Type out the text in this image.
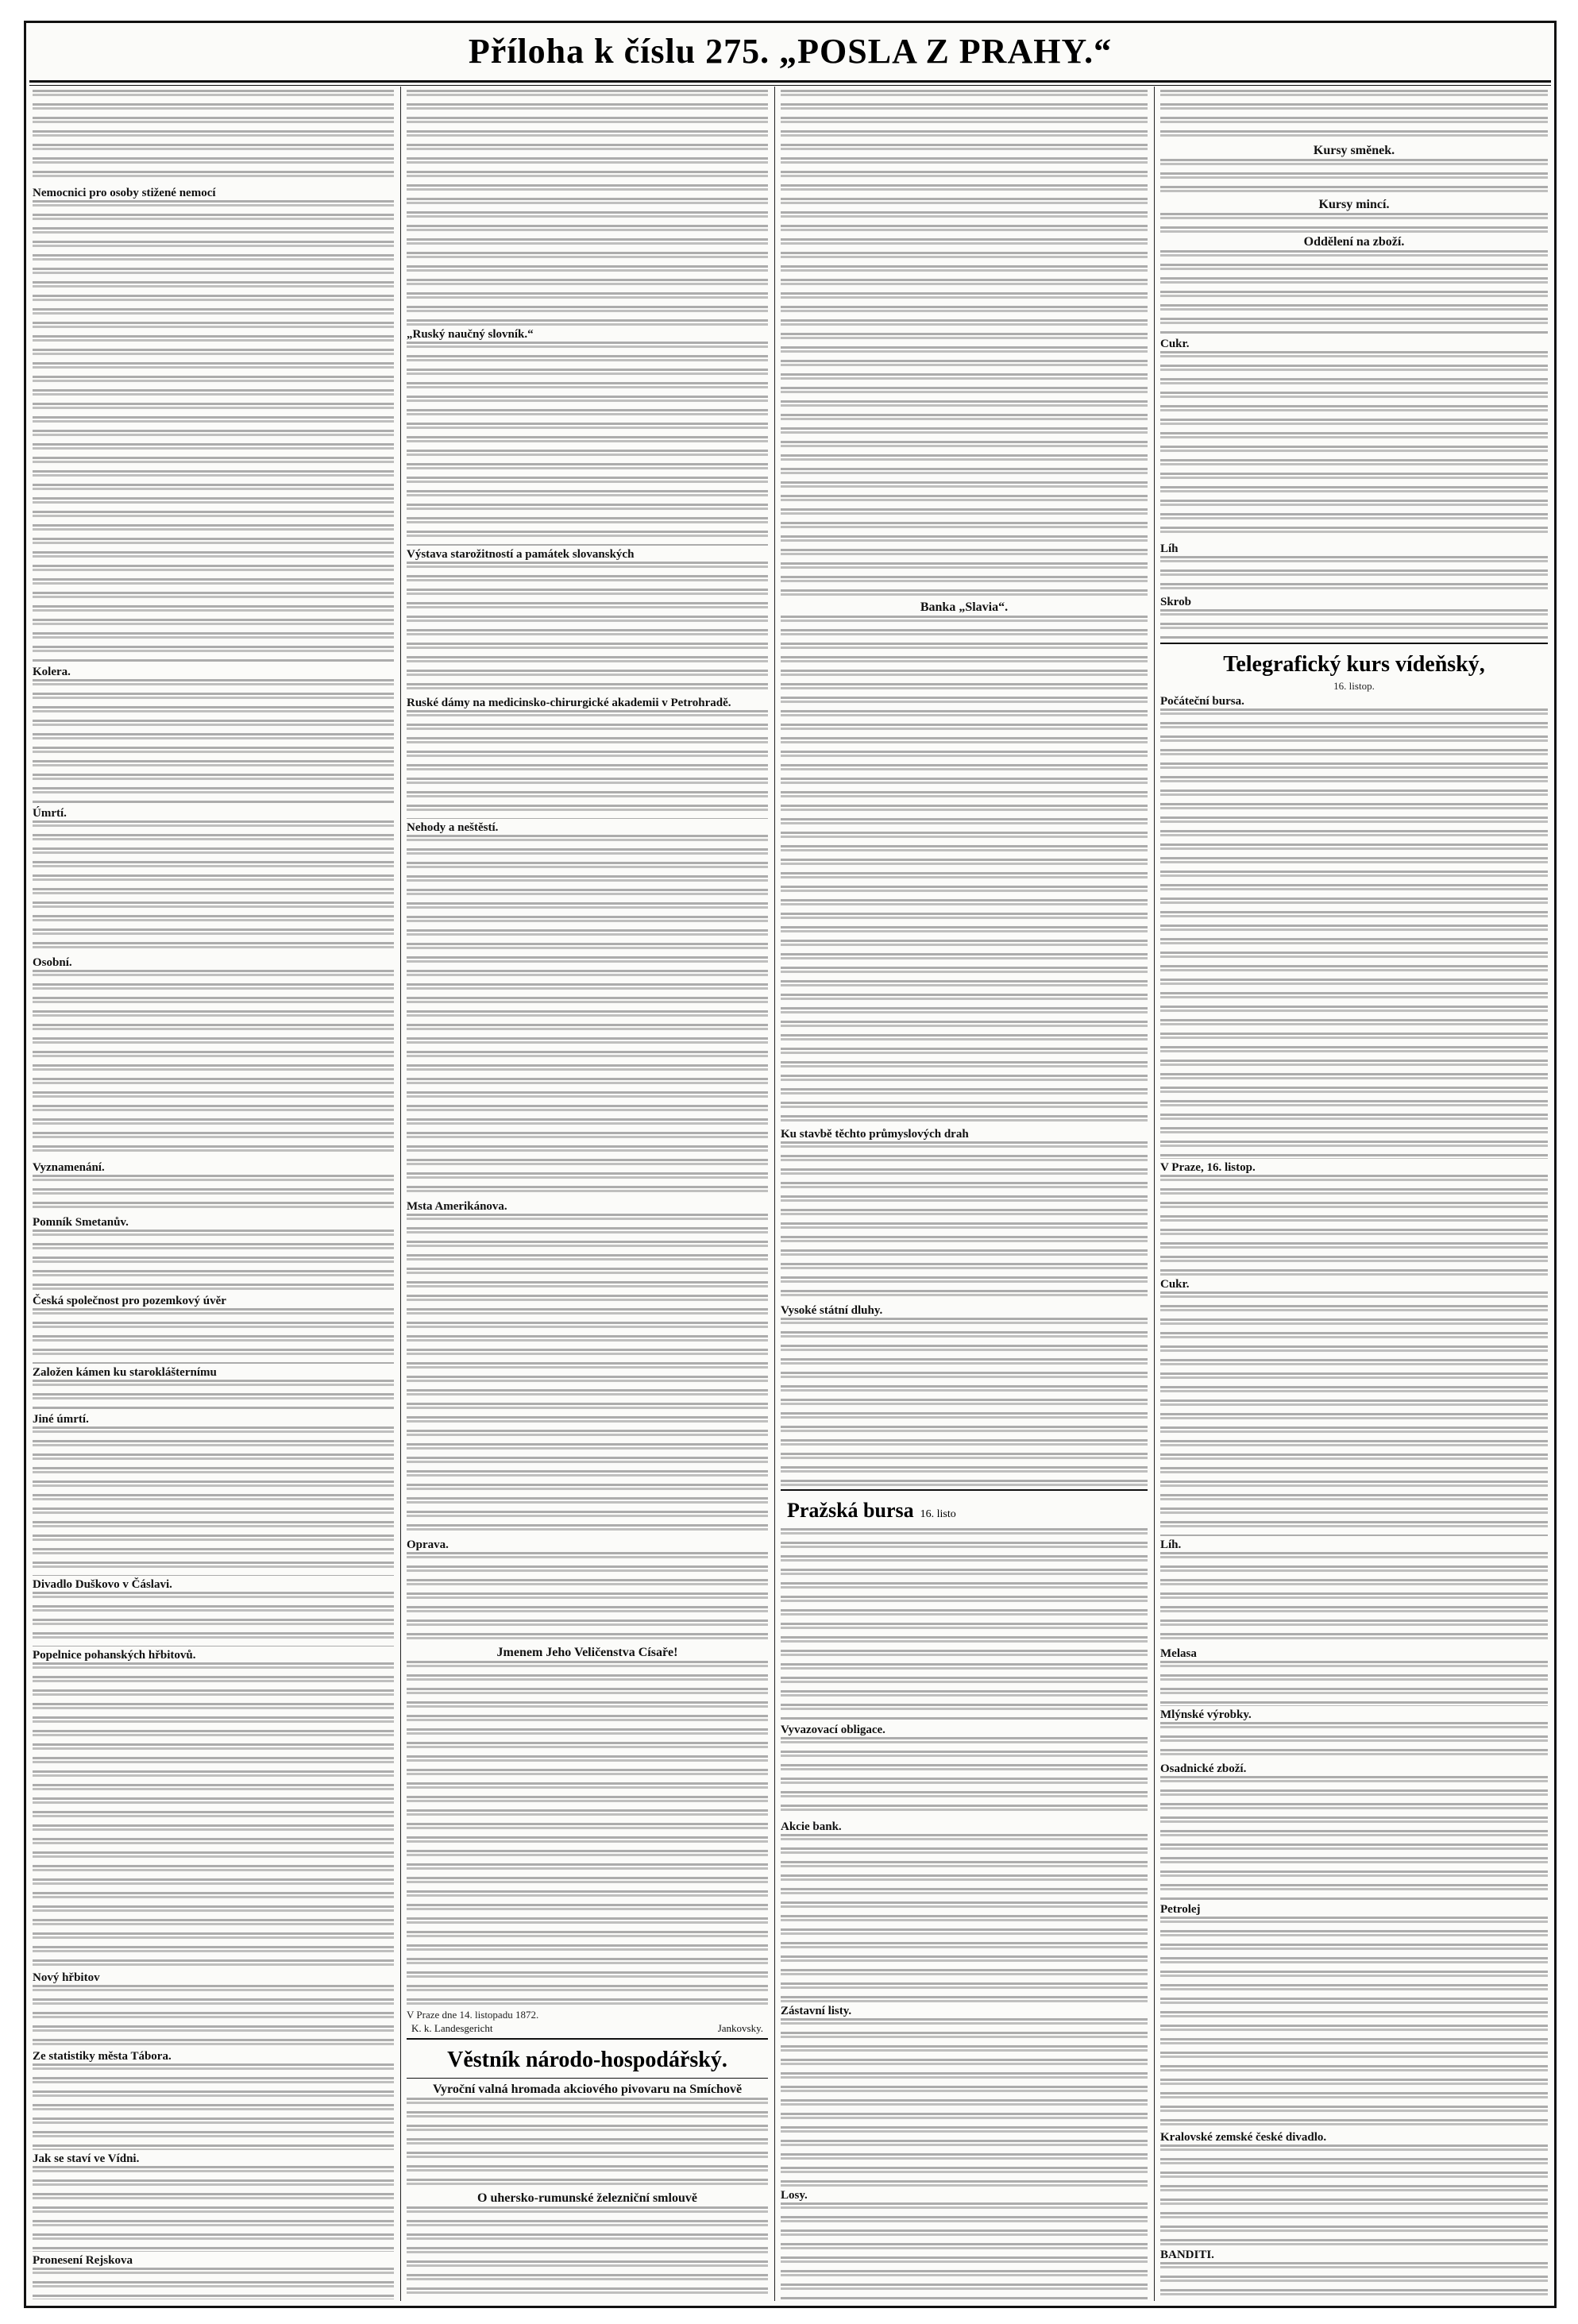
Příloha k číslu 275. „POSLA Z PRAHY.“
Nemocnici pro osoby stižené nemocí
Kolera.
Úmrtí.
Osobní.
Vyznamenání.
Pomník Smetanův.
Česká společnost pro pozemkový úvěr
Založen kámen ku staroklášternímu
Jiné úmrtí.
Divadlo Duškovo v Čáslavi.
Popelnice pohanských hřbitovů.
Nový hřbitov
Ze statistiky města Tábora.
Jak se staví ve Vídni.
Pronesení Rejskova
„Ruský naučný slovník.“
Výstava starožitností a památek slovanských
Ruské dámy na medicinsko-chirurgické akademii v Petrohradě.
Nehody a neštěstí.
Msta Amerikánova.
Oprava.
Jmenem Jeho Veličenstva Císaře!
V Praze dne 14. listopadu 1872.
K. k. Landesgericht	Jankovsky.
Věstník národo-hospodářský.
Vyroční valná hromada akciového pivovaru na Smíchově
O uhersko-rumunské železniční smlouvě
Banka „Slavia“.
Ku stavbě těchto průmyslových drah
Vysoké státní dluhy.
Pražská bursa 16. listo
Vyvazovací obligace.
Akcie bank.
Zástavní listy.
Losy.
Kursy směnek.
Kursy mincí.
Oddělení na zboží.
Cukr.
Líh
Skrob
Telegrafický kurs vídeňský,
16. listop.
Počáteční bursa.
V Praze, 16. listop.
Cukr.
Líh.
Melasa
Mlýnské výrobky.
Osadnické zboží.
Petrolej
Kralovské zemské české divadlo.
BANDITI.
